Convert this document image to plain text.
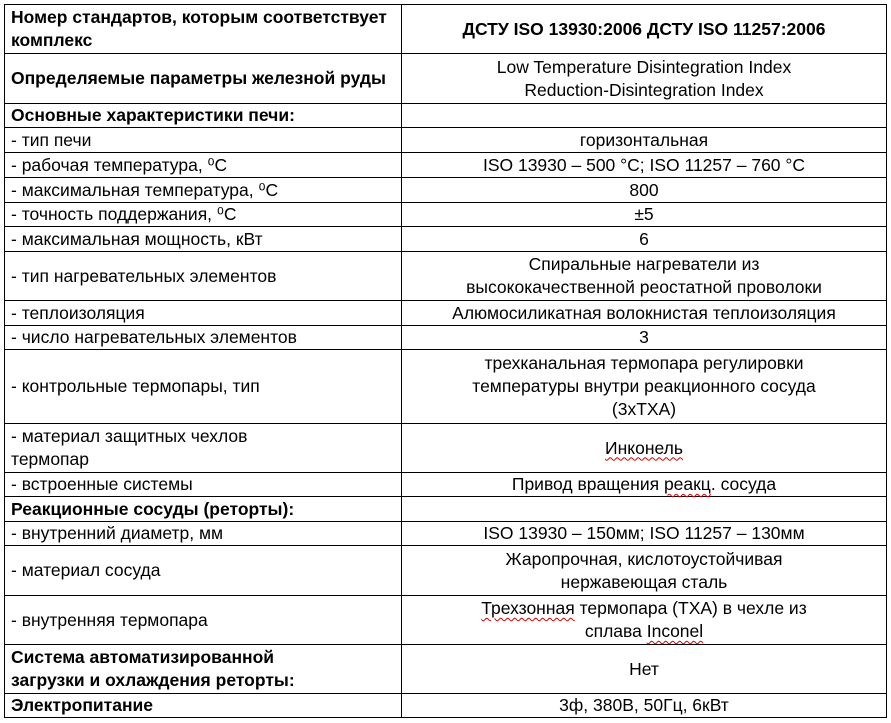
Номер стандартов, которым соответствует комплекс	ДСТУ ISO 13930:2006 ДСТУ ISO 11257:2006
Определяемые параметры железной руды	Low Temperature Disintegration Index
Reduction-Disintegration Index

Основные характеристики печи:	
- тип печи	горизонтальная
- рабочая температура, ⁰С	ISO 13930 – 500 °C; ISO 11257 – 760 °C
- максимальная температура, ⁰С	800
- точность поддержания, ⁰С	±5
- максимальная мощность, кВт	6
- тип нагревательных элементов	Спиральные нагреватели из
высококачественной реостатной проволоки

- теплоизоляция	Алюмосиликатная волокнистая теплоизоляция
- число нагревательных элементов	3
- контрольные термопары, тип	трехканальная термопара регулировки
температуры внутри реакционного сосуда
(3хТХА)

- материал защитных чехлов
термопар	Инконель
- встроенные системы	Привод вращения реакц. сосуда
Реакционные сосуды (реторты):	
- внутренний диаметр, мм	ISO 13930 – 150мм; ISO 11257 – 130мм
- материал сосуда	Жаропрочная, кислотоустойчивая
нержавеющая сталь

- внутренняя термопара	Трехзонная термопара (ТХА) в чехле из
сплава Inconel

Система автоматизированной
загрузки и охлаждения реторты:	Нет
Электропитание	3ф, 380В, 50Гц, 6кВт
